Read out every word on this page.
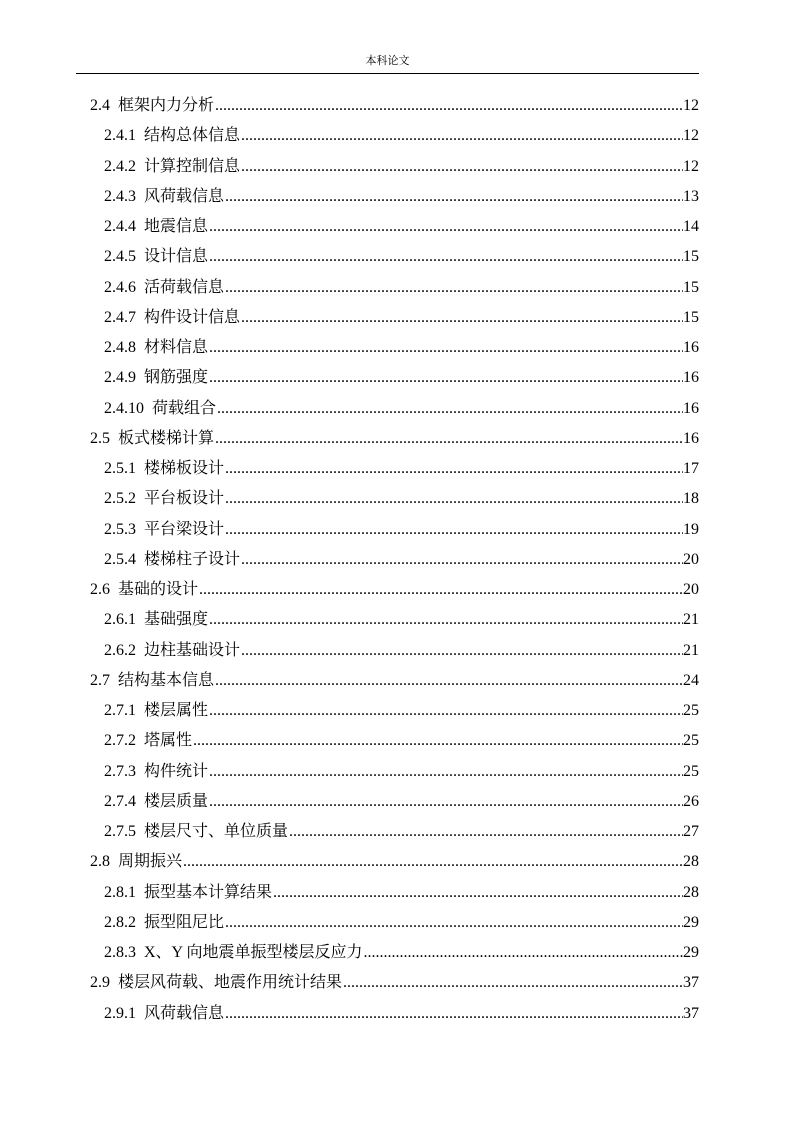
本科论文
2.4 框架内力分析 .....	12
2.4.1 结构总体信息 .....	12
2.4.2 计算控制信息 .....	12
2.4.3 风荷载信息 .....	13
2.4.4 地震信息 .....	14
2.4.5 设计信息 .....	15
2.4.6 活荷载信息 .....	15
2.4.7 构件设计信息 .....	15
2.4.8 材料信息 .....	16
2.4.9 钢筋强度 .....	16
2.4.10 荷载组合 .....	16
2.5 板式楼梯计算 .....	16
2.5.1 楼梯板设计 .....	17
2.5.2 平台板设计 .....	18
2.5.3 平台梁设计 .....	19
2.5.4 楼梯柱子设计 .....	20
2.6 基础的设计 .....	20
2.6.1 基础强度 .....	21
2.6.2 边柱基础设计 .....	21
2.7 结构基本信息 .....	24
2.7.1 楼层属性 .....	25
2.7.2 塔属性 .....	25
2.7.3 构件统计 .....	25
2.7.4 楼层质量 .....	26
2.7.5 楼层尺寸、单位质量 .....	27
2.8 周期振兴 .....	28
2.8.1 振型基本计算结果 .....	28
2.8.2 振型阻尼比 .....	29
2.8.3 X、Y 向地震单振型楼层反应力 .....	29
2.9 楼层风荷载、地震作用统计结果 .....	37
2.9.1 风荷载信息 .....	37
